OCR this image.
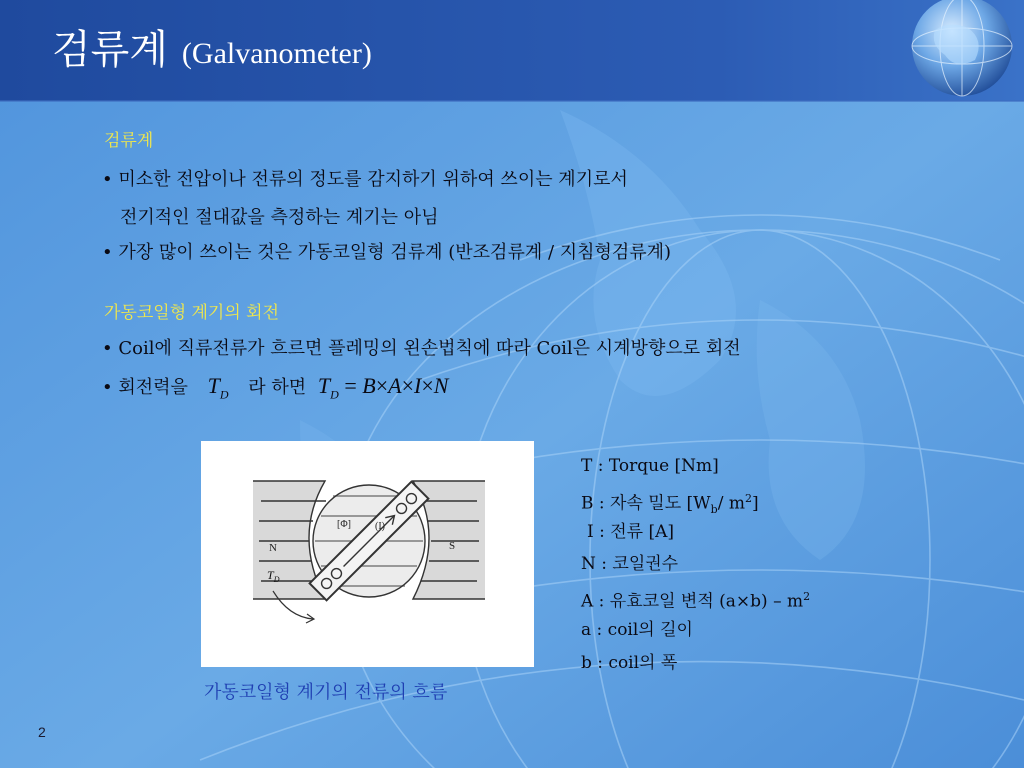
검류계 (Galvanometer)
검류계
• 미소한 전압이나 전류의 정도를 감지하기 위하여 쓰이는 계기로서
전기적인 절대값을 측정하는 계기는 아님
• 가장 많이 쓰이는 것은 가동코일형 검류계 (반조검류계 / 지침형검류계)
가동코일형 계기의 회전
• Coil에 직류전류가 흐르면 플레밍의 왼손법칙에 따라 Coil은 시계방향으로 회전
• 회전력을 $T_D$ 라 하면 $T_D = B\times A\times I\times N$
N	S
[Φ] (I)
$T_D$
가동코일형 계기의 전류의 흐름
T : Torque [Nm]
B : 자속 밀도 [$W_b/$ $m^2$]
I : 전류 [A]
N : 코일권수
A : 유효코일 변적 $(a\times b) - m^2$
a : coil의 길이
b : coil의 폭
2
